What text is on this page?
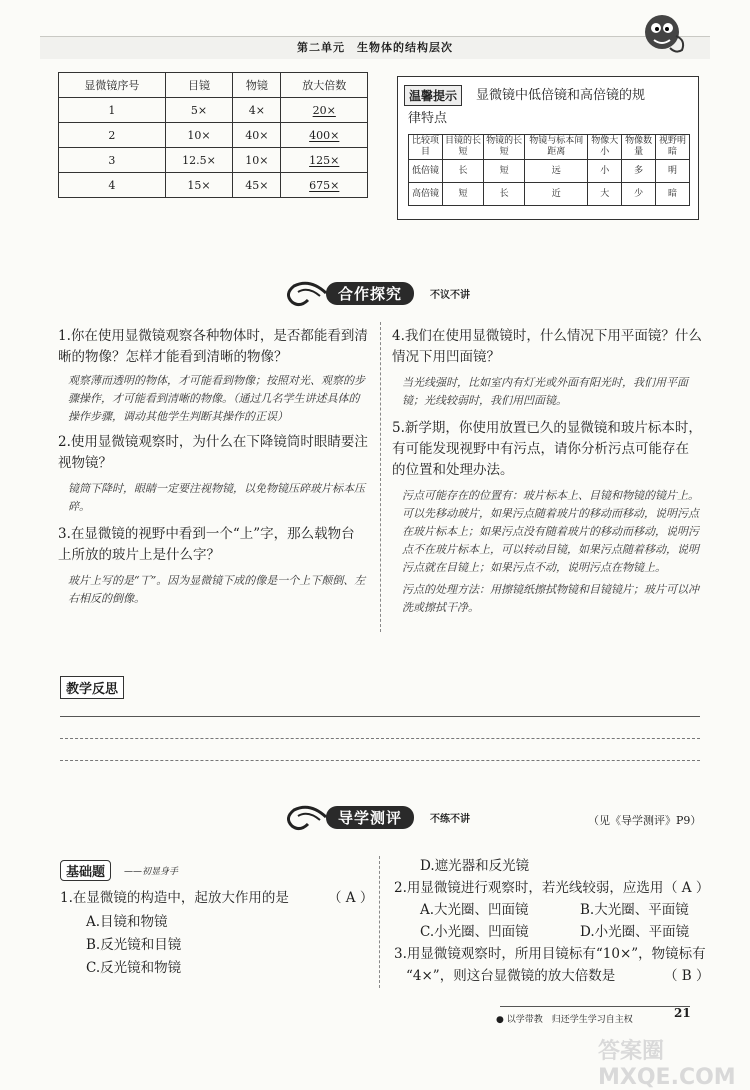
第二单元　生物体的结构层次
显微镜序号	目镜	物镜	放大倍数
1	5×	4×	20×
2	10×	40×	400×
3	12.5×	10×	125×
4	15×	45×	675×
温馨提示	显微镜中低倍镜和高倍镜的规
律特点
比较项目	目镜的长短	物镜的长短	物镜与标本间距离	物像大小	物像数量	视野明暗
低倍镜	长	短	远	小	多	明
高倍镜	短	长	近	大	少	暗
合作探究	不议不讲
1.你在使用显微镜观察各种物体时，是否都能看到清晰的物像？怎样才能看到清晰的物像？
观察薄而透明的物体，才可能看到物像；按照对光、观察的步骤操作，才可能看到清晰的物像。（通过几名学生讲述具体的操作步骤，调动其他学生判断其操作的正误）
2.使用显微镜观察时，为什么在下降镜筒时眼睛要注视物镜？
镜筒下降时，眼睛一定要注视物镜，以免物镜压碎玻片标本压碎。
3.在显微镜的视野中看到一个“上”字，那么载物台上所放的玻片上是什么字？
玻片上写的是“丅”。因为显微镜下成的像是一个上下颠倒、左右相反的倒像。
4.我们在使用显微镜时，什么情况下用平面镜？什么情况下用凹面镜？
当光线强时，比如室内有灯光或外面有阳光时，我们用平面镜；光线较弱时，我们用凹面镜。
5.新学期，你使用放置已久的显微镜和玻片标本时，有可能发现视野中有污点，请你分析污点可能存在的位置和处理办法。
污点可能存在的位置有：玻片标本上、目镜和物镜的镜片上。可以先移动玻片，如果污点随着玻片的移动而移动，说明污点在玻片标本上；如果污点没有随着玻片的移动而移动，说明污点不在玻片标本上，可以转动目镜，如果污点随着移动，说明污点就在目镜上；如果污点不动，说明污点在物镜上。
污点的处理方法：用擦镜纸擦拭物镜和目镜镜片；玻片可以冲洗或擦拭干净。
教学反思
导学测评	不练不讲	（见《导学测评》P9）
基础题	——初显身手
1.在显微镜的构造中，起放大作用的是	（ A ）
A.目镜和物镜
B.反光镜和目镜
C.反光镜和物镜
D.遮光器和反光镜
2.用显微镜进行观察时，若光线较弱，应选用 （ A ）
A.大光圈、凹面镜	B.大光圈、平面镜
C.小光圈、凹面镜	D.小光圈、平面镜
3.用显微镜观察时，所用目镜标有“10×”，物镜标有
“4×”，则这台显微镜的放大倍数是	（ B ）
● 以学带教　归还学生学习自主权	21
答案圈 MXQE.COM
